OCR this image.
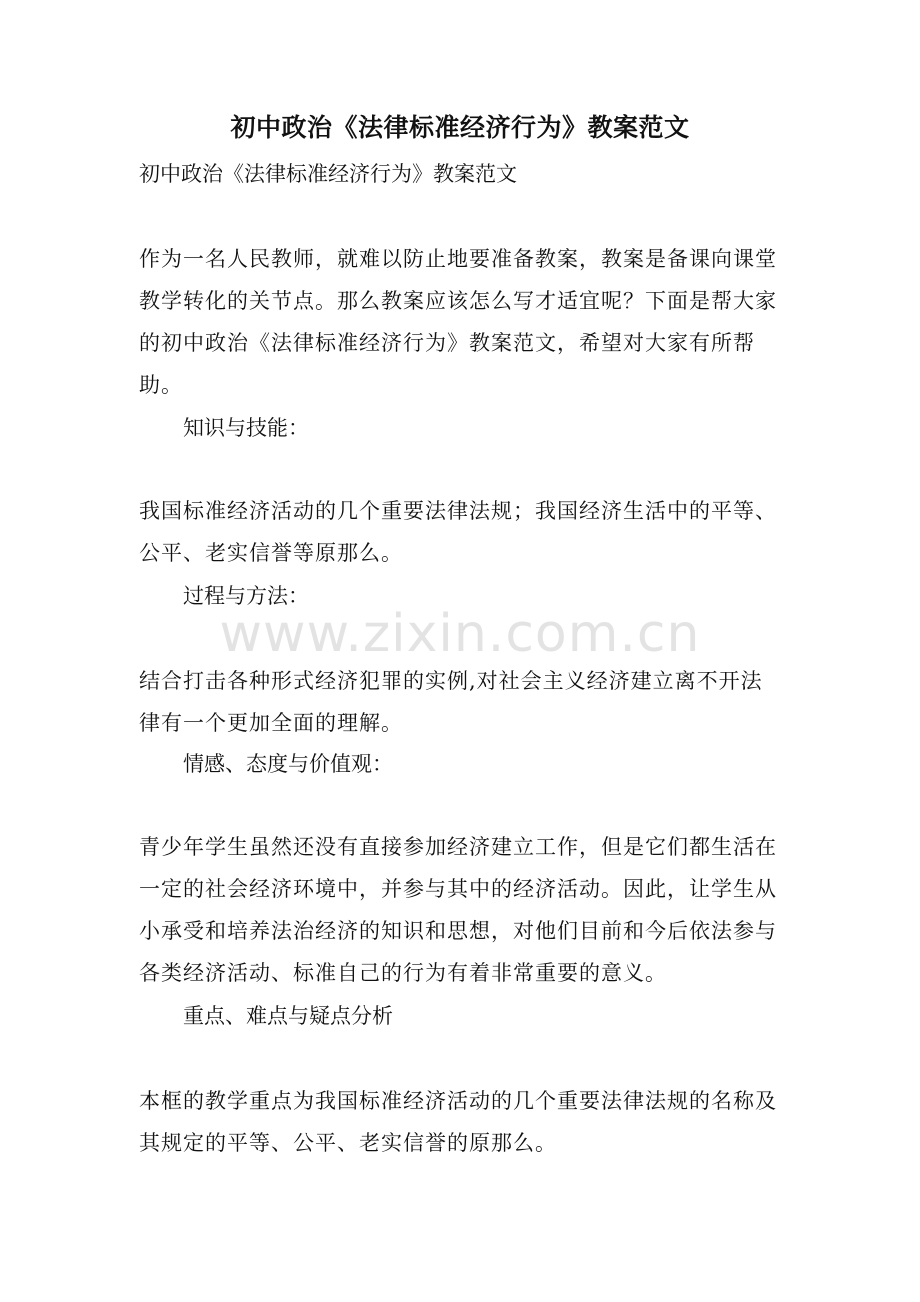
初中政治《法律标准经济行为》教案范文
初中政治《法律标准经济行为》教案范文
作为一名人民教师，就难以防止地要准备教案，教案是备课向课堂教学转化的关节点。那么教案应该怎么写才适宜呢？下面是帮大家的初中政治《法律标准经济行为》教案范文，希望对大家有所帮助。
知识与技能：
我国标准经济活动的几个重要法律法规；我国经济生活中的平等、公平、老实信誉等原那么。
过程与方法：
www.zixin.com.cn
结合打击各种形式经济犯罪的实例,对社会主义经济建立离不开法律有一个更加全面的理解。
情感、态度与价值观：
青少年学生虽然还没有直接参加经济建立工作，但是它们都生活在一定的社会经济环境中，并参与其中的经济活动。因此，让学生从小承受和培养法治经济的知识和思想，对他们目前和今后依法参与各类经济活动、标准自己的行为有着非常重要的意义。
重点、难点与疑点分析
本框的教学重点为我国标准经济活动的几个重要法律法规的名称及其规定的平等、公平、老实信誉的原那么。
